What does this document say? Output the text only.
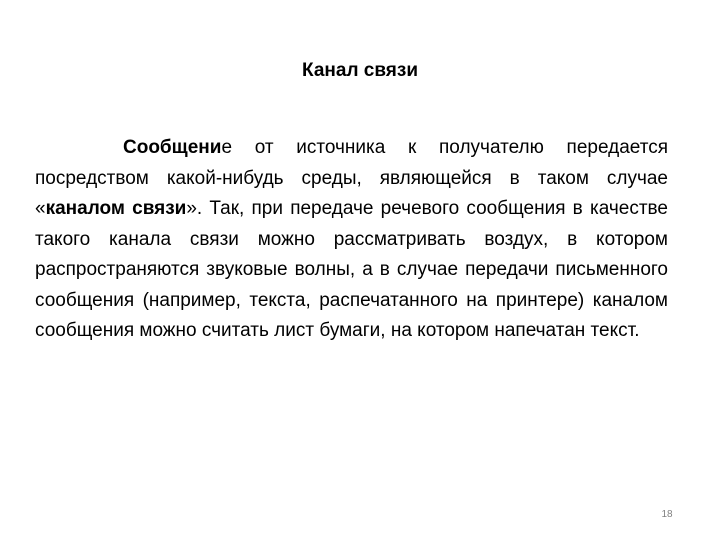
Канал связи

Сообщение от источника к получателю передается посредством какой-нибудь среды, являющейся в таком случае «каналом связи». Так, при передаче речевого сообщения в качестве такого канала связи можно рассматривать воздух, в котором распространяются звуковые волны, а в случае передачи письменного сообщения (например, текста, распечатанного на принтере) каналом сообщения можно считать лист бумаги, на котором напечатан текст.

18
